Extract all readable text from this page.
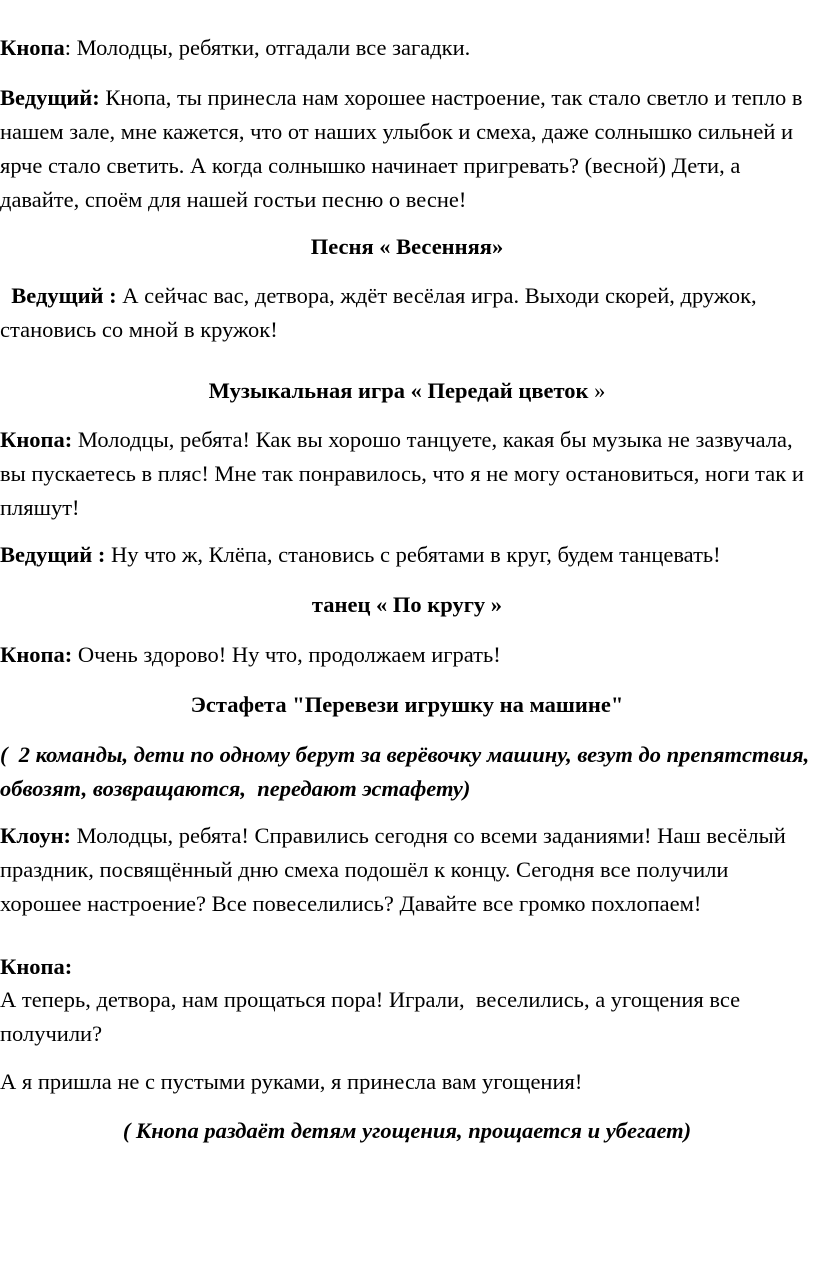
Кнопа: Молодцы, ребятки, отгадали все загадки.

Ведущий: Кнопа, ты принесла нам хорошее настроение, так стало светло и тепло в нашем зале, мне кажется, что от наших улыбок и смеха, даже солнышко сильней и ярче стало светить. А когда солнышко начинает пригревать? (весной) Дети, а давайте, споём для нашей гостьи песню о весне!

Песня « Весенняя»

Ведущий : А сейчас вас, детвора, ждёт весёлая игра. Выходи скорей, дружок, становись со мной в кружок!

Музыкальная игра « Передай цветок »

Кнопа: Молодцы, ребята! Как вы хорошо танцуете, какая бы музыка не зазвучала, вы пускаетесь в пляс! Мне так понравилось, что я не могу остановиться, ноги так и пляшут!

Ведущий : Ну что ж, Клёпа, становись с ребятами в круг, будем танцевать!

танец « По кругу »

Кнопа: Очень здорово! Ну что, продолжаем играть!

Эстафета "Перевези игрушку на машине"

(  2 команды, дети по одному берут за верёвочку машину, везут до препятствия, обвозят, возвращаются,  передают эстафету)

Клоун: Молодцы, ребята! Справились сегодня со всеми заданиями! Наш весёлый праздник, посвящённый дню смеха подошёл к концу. Сегодня все получили хорошее настроение? Все повеселились? Давайте все громко похлопаем!

Кнопа:

А теперь, детвора, нам прощаться пора! Играли,  веселились, а угощения все получили?

А я пришла не с пустыми руками, я принесла вам угощения!

( Кнопа раздаёт детям угощения, прощается и убегает)
